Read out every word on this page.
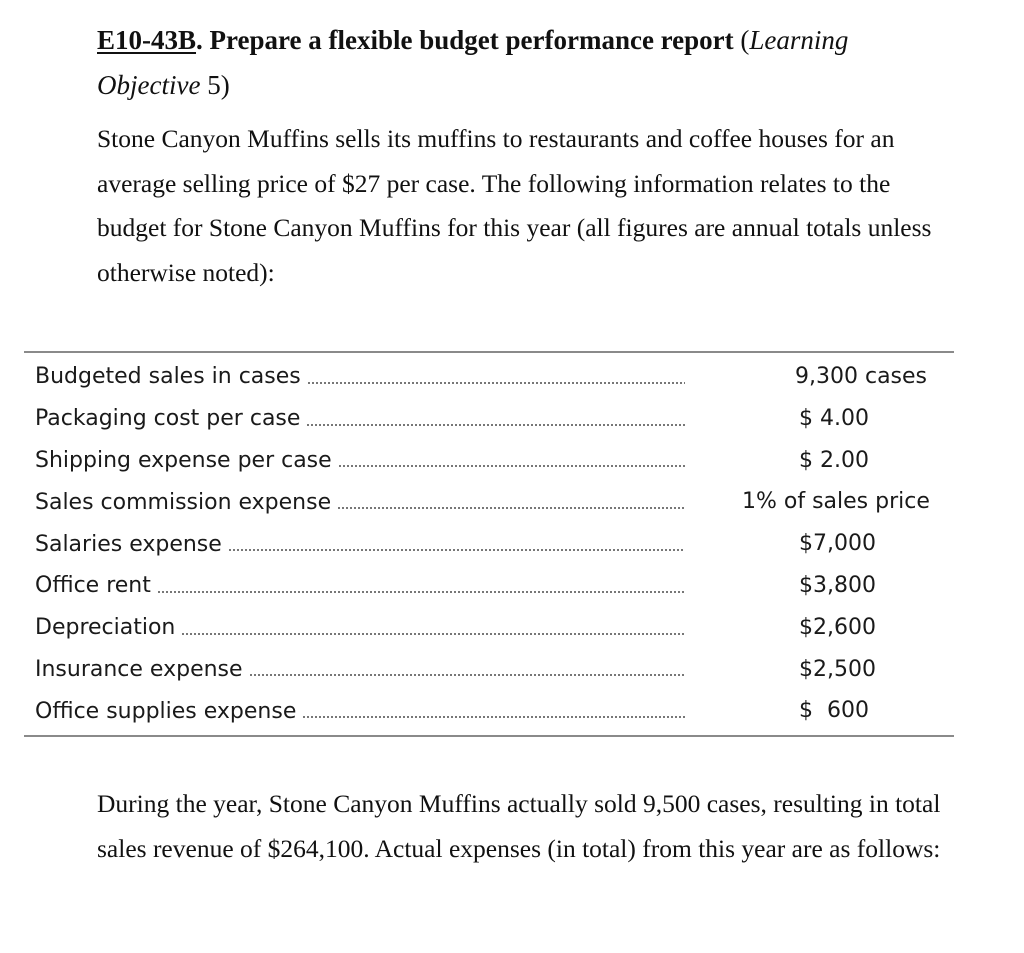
E10-43B. Prepare a flexible budget performance report (Learning Objective 5)
Stone Canyon Muffins sells its muffins to restaurants and coffee houses for an average selling price of $27 per case. The following information relates to the budget for Stone Canyon Muffins for this year (all figures are annual totals unless otherwise noted):
Budgeted sales in cases	9,300 cases
Packaging cost per case	$ 4.00
Shipping expense per case	$ 2.00
Sales commission expense	1% of sales price
Salaries expense	$7,000
Office rent	$3,800
Depreciation	$2,600
Insurance expense	$2,500
Office supplies expense	$  600
During the year, Stone Canyon Muffins actually sold 9,500 cases, resulting in total sales revenue of $264,100. Actual expenses (in total) from this year are as follows:
